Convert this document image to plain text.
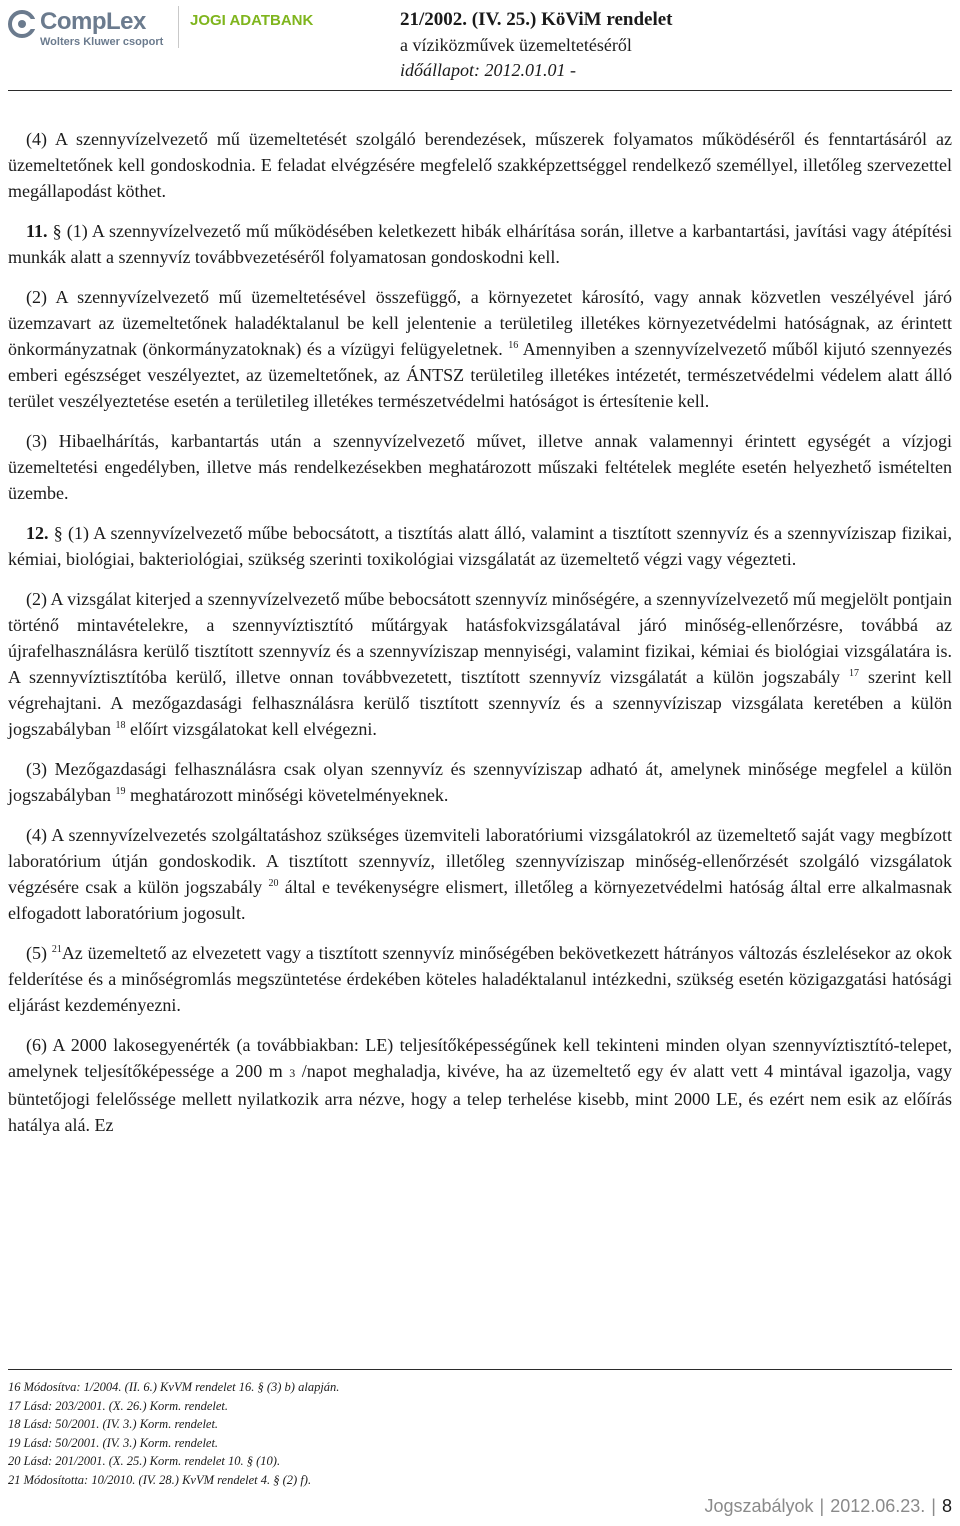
CompLex
Wolters Kluwer csoport
JOGI ADATBANK	21/2002. (IV. 25.) KöViM rendelet
a víziközművek üzemeltetéséről
időállapot: 2012.01.01 -

(4) A szennyvízelvezető mű üzemeltetését szolgáló berendezések, műszerek folyamatos működéséről és fenntartásáról az üzemeltetőnek kell gondoskodnia. E feladat elvégzésére megfelelő szakképzettséggel rendelkező személlyel, illetőleg szervezettel megállapodást köthet.

11. § (1) A szennyvízelvezető mű működésében keletkezett hibák elhárítása során, illetve a karbantartási, javítási vagy átépítési munkák alatt a szennyvíz továbbvezetéséről folyamatosan gondoskodni kell.

(2) A szennyvízelvezető mű üzemeltetésével összefüggő, a környezetet károsító, vagy annak közvetlen veszélyével járó üzemzavart az üzemeltetőnek haladéktalanul be kell jelentenie a területileg illetékes környezetvédelmi hatóságnak, az érintett önkormányzatnak (önkormányzatoknak) és a vízügyi felügyeletnek. $^{16}$ Amennyiben a szennyvízelvezető műből kijutó szennyezés emberi egészséget veszélyeztet, az üzemeltetőnek, az ÁNTSZ területileg illetékes intézetét, természetvédelmi védelem alatt álló terület veszélyeztetése esetén a területileg illetékes természetvédelmi hatóságot is értesítenie kell.

(3) Hibaelhárítás, karbantartás után a szennyvízelvezető művet, illetve annak valamennyi érintett egységét a vízjogi üzemeltetési engedélyben, illetve más rendelkezésekben meghatározott műszaki feltételek megléte esetén helyezhető ismételten üzembe.

12. § (1) A szennyvízelvezető műbe bebocsátott, a tisztítás alatt álló, valamint a tisztított szennyvíz és a szennyvíziszap fizikai, kémiai, biológiai, bakteriológiai, szükség szerinti toxikológiai vizsgálatát az üzemeltető végzi vagy végezteti.

(2) A vizsgálat kiterjed a szennyvízelvezető műbe bebocsátott szennyvíz minőségére, a szennyvízelvezető mű megjelölt pontjain történő mintavételekre, a szennyvíztisztító műtárgyak hatásfokvizsgálatával járó minőség-ellenőrzésre, továbbá az újrafelhasználásra kerülő tisztított szennyvíz és a szennyvíziszap mennyiségi, valamint fizikai, kémiai és biológiai vizsgálatára is. A szennyvíztisztítóba kerülő, illetve onnan továbbvezetett, tisztított szennyvíz vizsgálatát a külön jogszabály $^{17}$ szerint kell végrehajtani. A mezőgazdasági felhasználásra kerülő tisztított szennyvíz és a szennyvíziszap vizsgálata keretében a külön jogszabályban $^{18}$ előírt vizsgálatokat kell elvégezni.

(3) Mezőgazdasági felhasználásra csak olyan szennyvíz és szennyvíziszap adható át, amelynek minősége megfelel a külön jogszabályban $^{19}$ meghatározott minőségi követelményeknek.

(4) A szennyvízelvezetés szolgáltatáshoz szükséges üzemviteli laboratóriumi vizsgálatokról az üzemeltető saját vagy megbízott laboratórium útján gondoskodik. A tisztított szennyvíz, illetőleg szennyvíziszap minőség-ellenőrzését szolgáló vizsgálatok végzésére csak a külön jogszabály $^{20}$ által e tevékenységre elismert, illetőleg a környezetvédelmi hatóság által erre alkalmasnak elfogadott laboratórium jogosult.

(5) $^{21}$Az üzemeltető az elvezetett vagy a tisztított szennyvíz minőségében bekövetkezett hátrányos változás észlelésekor az okok felderítése és a minőségromlás megszüntetése érdekében köteles haladéktalanul intézkedni, szükség esetén közigazgatási hatósági eljárást kezdeményezni.

(6) A 2000 lakosegyenérték (a továbbiakban: LE) teljesítőképességűnek kell tekinteni minden olyan szennyvíztisztító-telepet, amelynek teljesítőképessége a 200 m 3 /napot meghaladja, kivéve, ha az üzemeltető egy év alatt vett 4 mintával igazolja, vagy büntetőjogi felelőssége mellett nyilatkozik arra nézve, hogy a telep terhelése kisebb, mint 2000 LE, és ezért nem esik az előírás hatálya alá. Ez

16 Módosítva: 1/2004. (II. 6.) KvVM rendelet 16. § (3) b) alapján.
17 Lásd: 203/2001. (X. 26.) Korm. rendelet.
18 Lásd: 50/2001. (IV. 3.) Korm. rendelet.
19 Lásd: 50/2001. (IV. 3.) Korm. rendelet.
20 Lásd: 201/2001. (X. 25.) Korm. rendelet 10. § (10).
21 Módosította: 10/2010. (IV. 28.) KvVM rendelet 4. § (2) f).
Jogszabályok | 2012.06.23. | 8
